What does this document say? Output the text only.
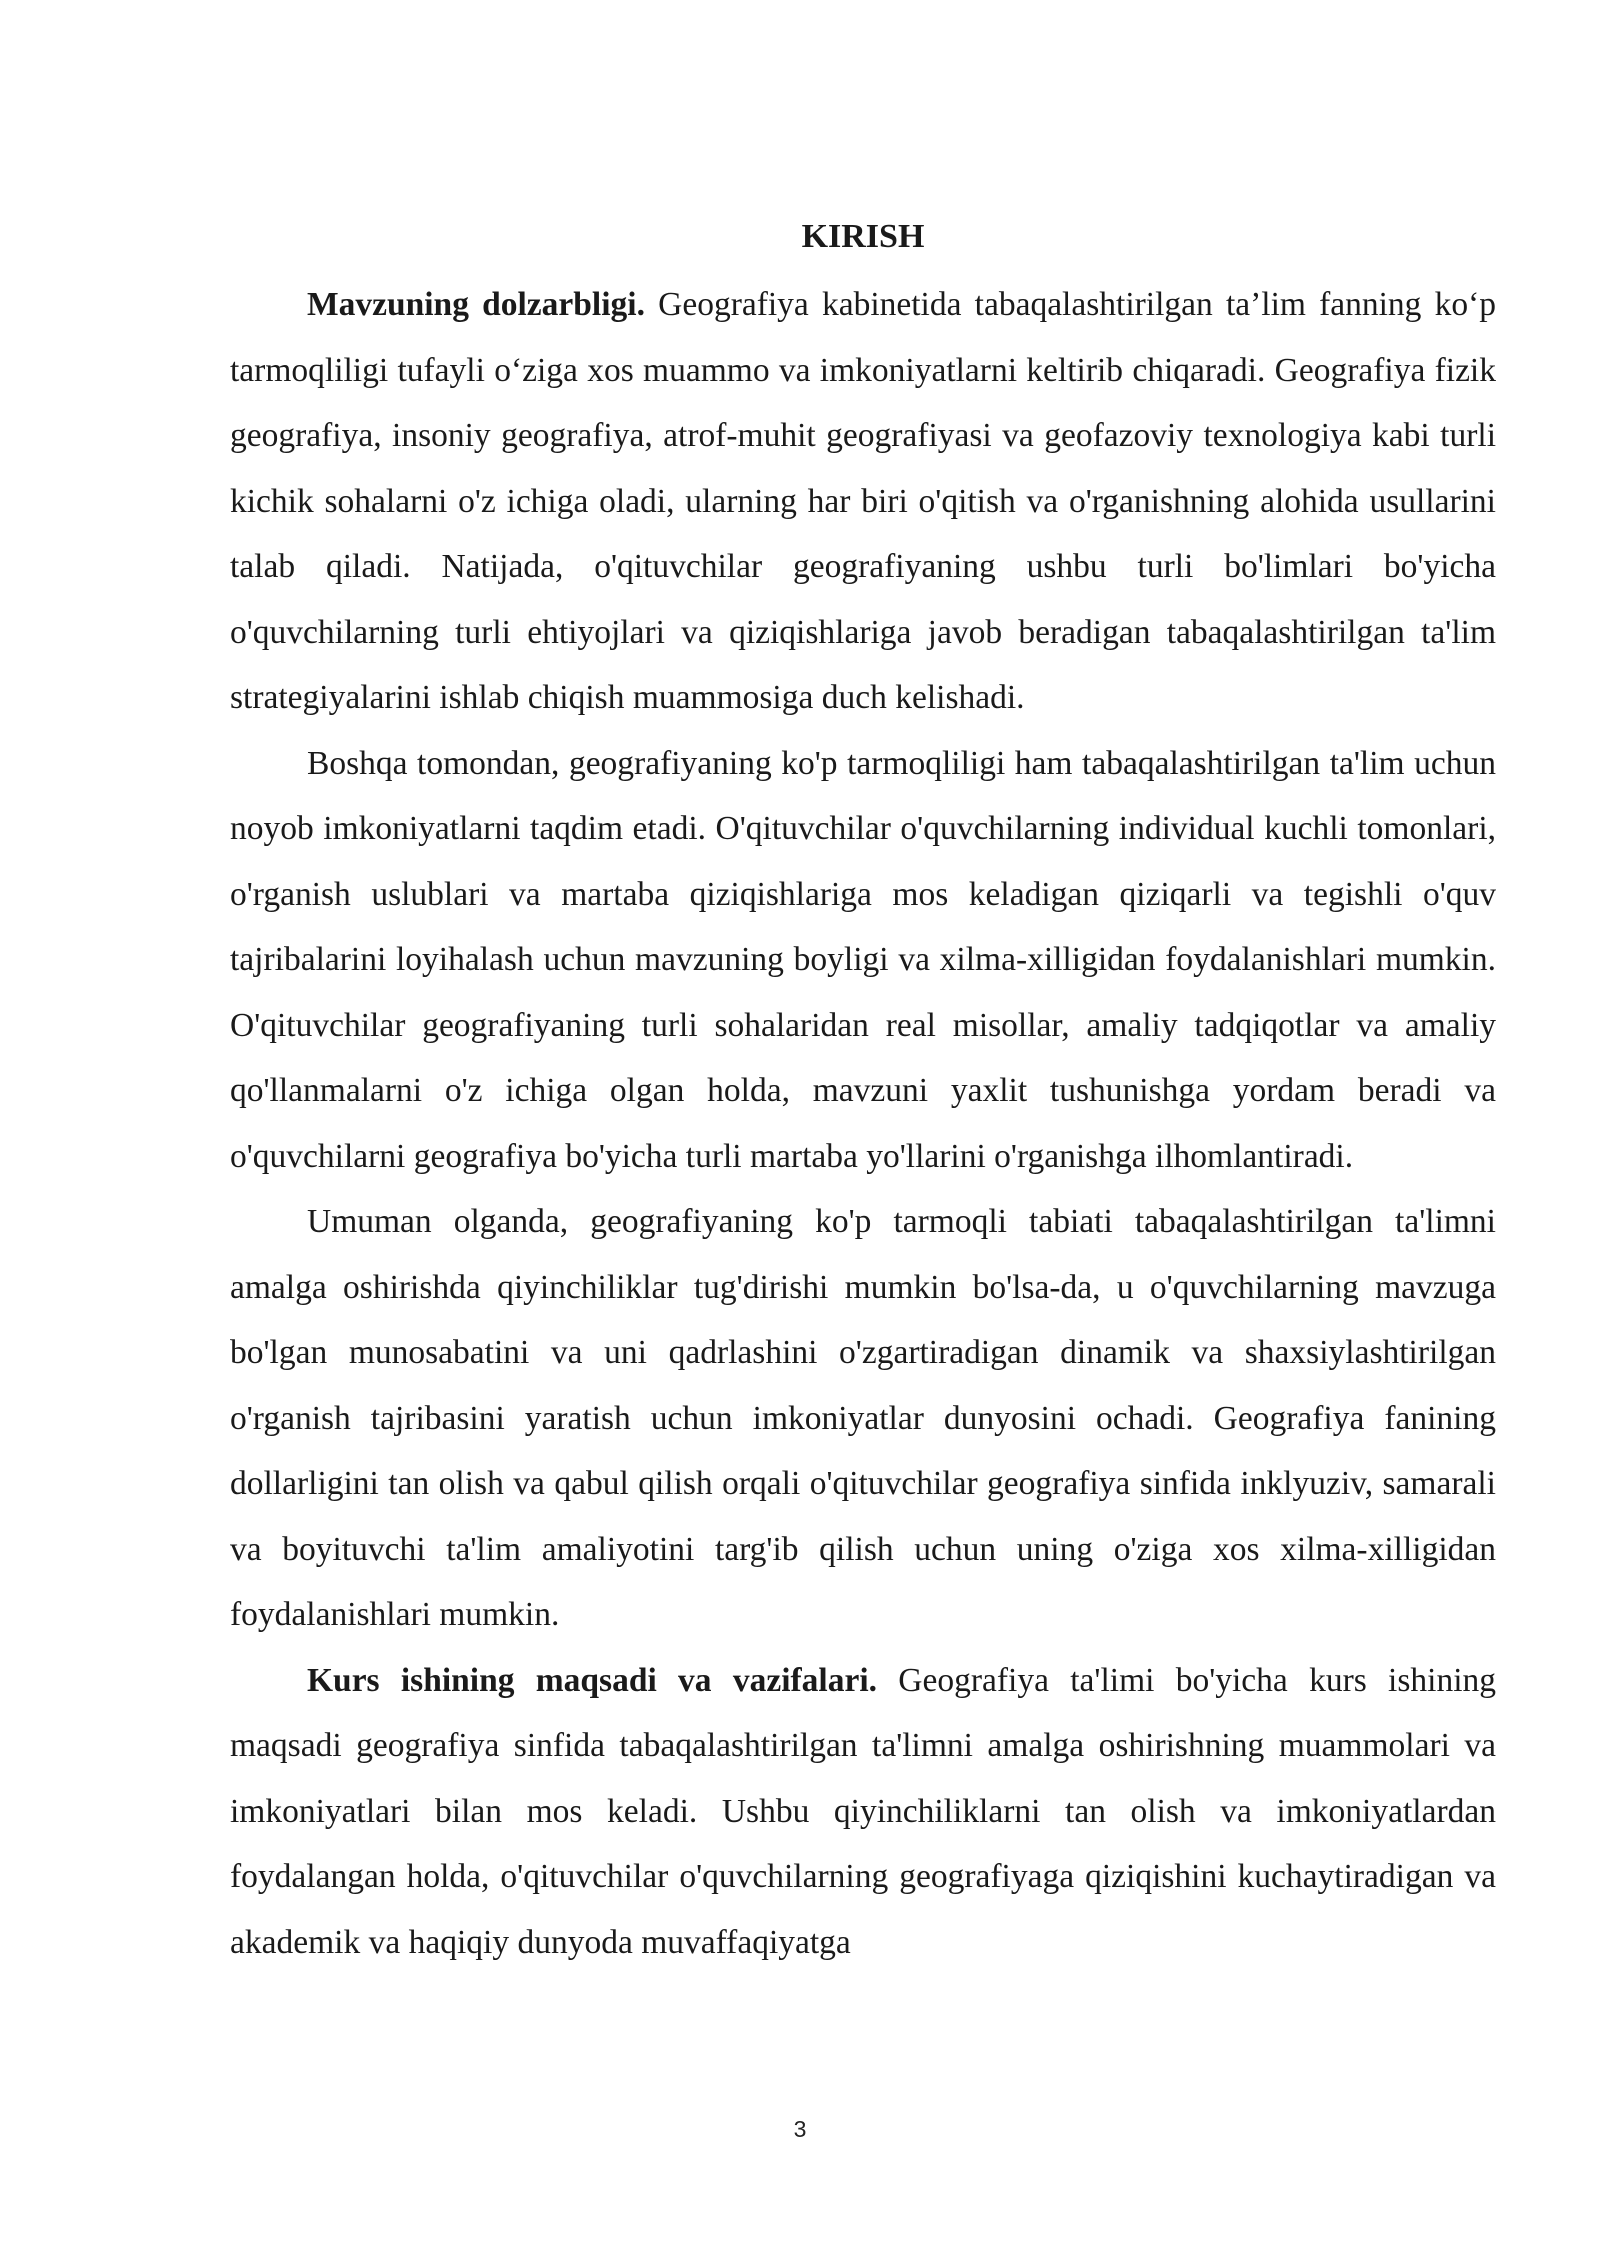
KIRISH

Mavzuning dolzarbligi. Geografiya kabinetida tabaqalashtirilgan ta’lim fanning ko‘p tarmoqliligi tufayli o‘ziga xos muammo va imkoniyatlarni keltirib chiqaradi. Geografiya fizik geografiya, insoniy geografiya, atrof-muhit geografiyasi va geofazoviy texnologiya kabi turli kichik sohalarni o'z ichiga oladi, ularning har biri o'qitish va o'rganishning alohida usullarini talab qiladi. Natijada, o'qituvchilar geografiyaning ushbu turli bo'limlari bo'yicha o'quvchilarning turli ehtiyojlari va qiziqishlariga javob beradigan tabaqalashtirilgan ta'lim strategiyalarini ishlab chiqish muammosiga duch kelishadi.

Boshqa tomondan, geografiyaning ko'p tarmoqliligi ham tabaqalashtirilgan ta'lim uchun noyob imkoniyatlarni taqdim etadi. O'qituvchilar o'quvchilarning individual kuchli tomonlari, o'rganish uslublari va martaba qiziqishlariga mos keladigan qiziqarli va tegishli o'quv tajribalarini loyihalash uchun mavzuning boyligi va xilma-xilligidan foydalanishlari mumkin. O'qituvchilar geografiyaning turli sohalaridan real misollar, amaliy tadqiqotlar va amaliy qo'llanmalarni o'z ichiga olgan holda, mavzuni yaxlit tushunishga yordam beradi va o'quvchilarni geografiya bo'yicha turli martaba yo'llarini o'rganishga ilhomlantiradi.

Umuman olganda, geografiyaning ko'p tarmoqli tabiati tabaqalashtirilgan ta'limni amalga oshirishda qiyinchiliklar tug'dirishi mumkin bo'lsa-da, u o'quvchilarning mavzuga bo'lgan munosabatini va uni qadrlashini o'zgartiradigan dinamik va shaxsiylashtirilgan o'rganish tajribasini yaratish uchun imkoniyatlar dunyosini ochadi. Geografiya fanining dollarligini tan olish va qabul qilish orqali o'qituvchilar geografiya sinfida inklyuziv, samarali va boyituvchi ta'lim amaliyotini targ'ib qilish uchun uning o'ziga xos xilma-xilligidan foydalanishlari mumkin.

Kurs ishining maqsadi va vazifalari. Geografiya ta'limi bo'yicha kurs ishining maqsadi geografiya sinfida tabaqalashtirilgan ta'limni amalga oshirishning muammolari va imkoniyatlari bilan mos keladi. Ushbu qiyinchiliklarni tan olish va imkoniyatlardan foydalangan holda, o'qituvchilar o'quvchilarning geografiyaga qiziqishini kuchaytiradigan va akademik va haqiqiy dunyoda muvaffaqiyatga

3
